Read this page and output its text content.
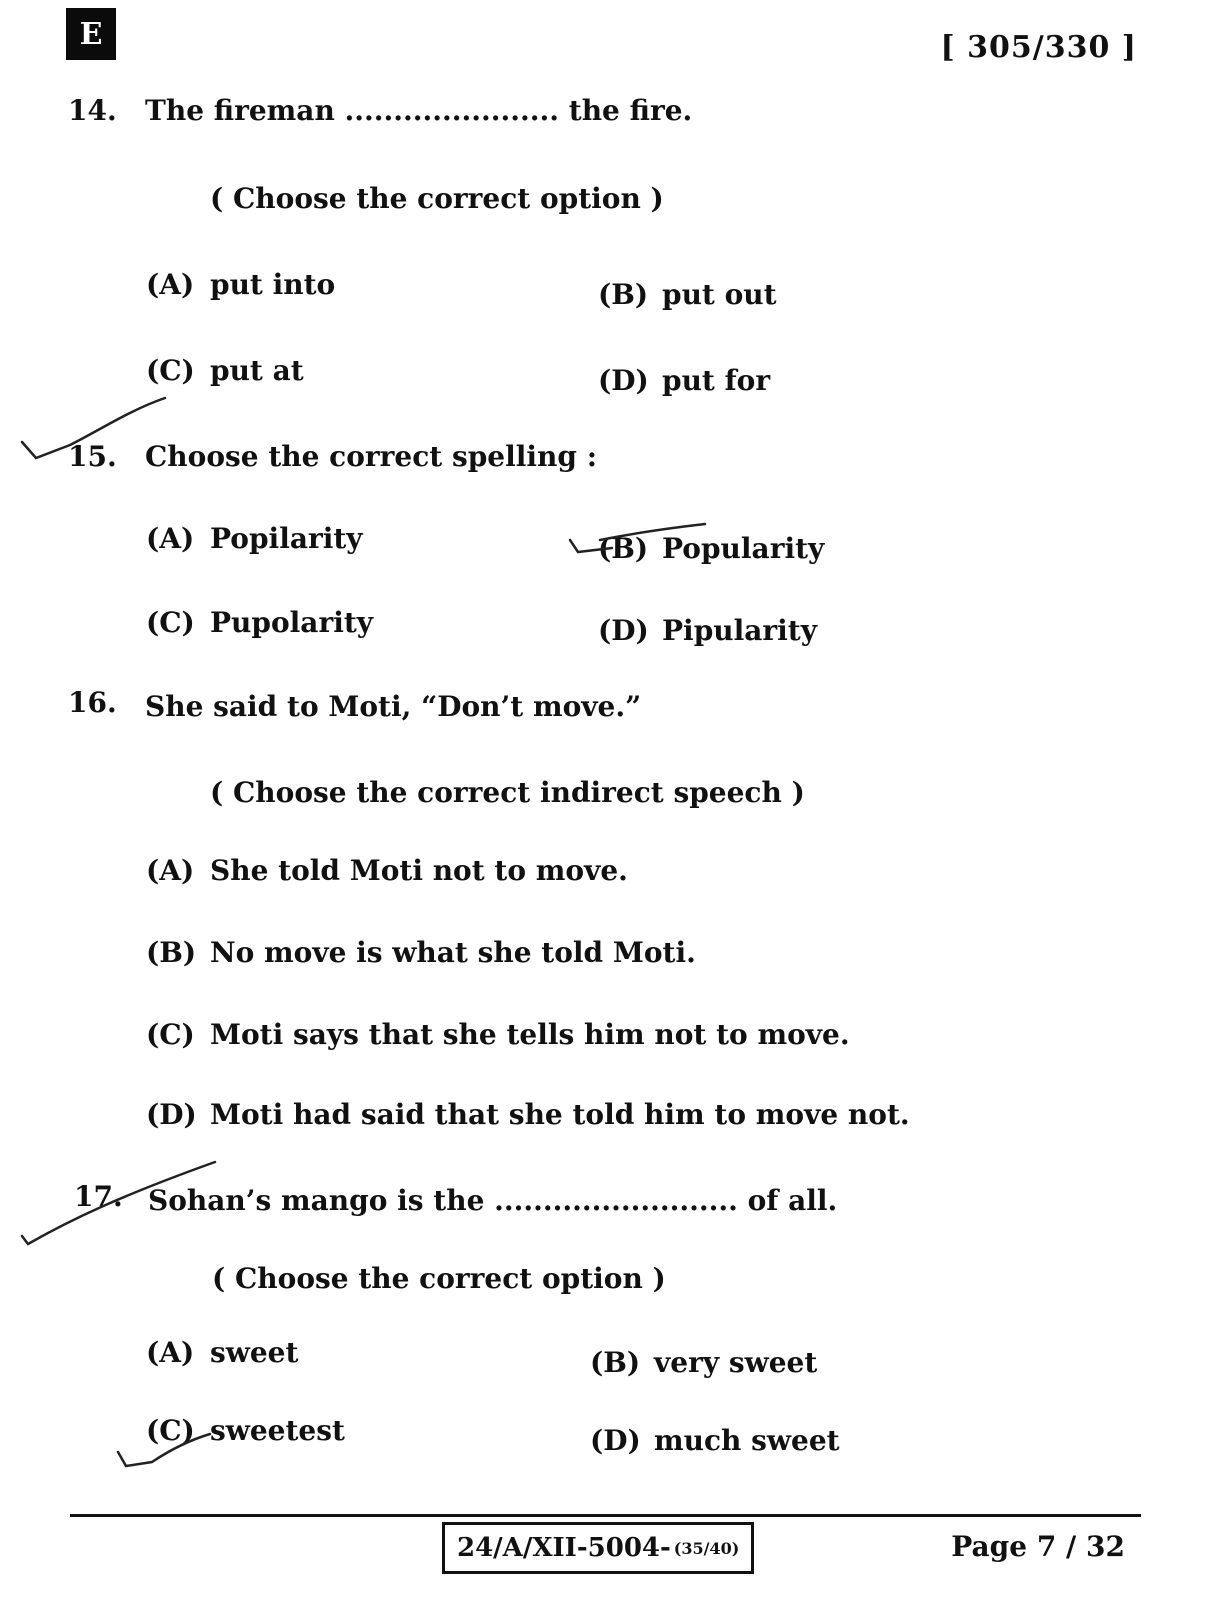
E	[ 305/330 ]
14. The fireman ...................... the fire.
( Choose the correct option )
(A) put into	(B) put out
(C) put at	(D) put for
15. Choose the correct spelling :
(A) Popilarity	(B) Popularity
(C) Pupolarity	(D) Pipularity
16. She said to Moti, “Don’t move.”
( Choose the correct indirect speech )
(A) She told Moti not to move.
(B) No move is what she told Moti.
(C) Moti says that she tells him not to move.
(D) Moti had said that she told him to move not.
17. Sohan’s mango is the ......................... of all.
( Choose the correct option )
(A) sweet	(B) very sweet
(C) sweetest	(D) much sweet
24/A/XII-5004- (35/40)	Page 7 / 32
